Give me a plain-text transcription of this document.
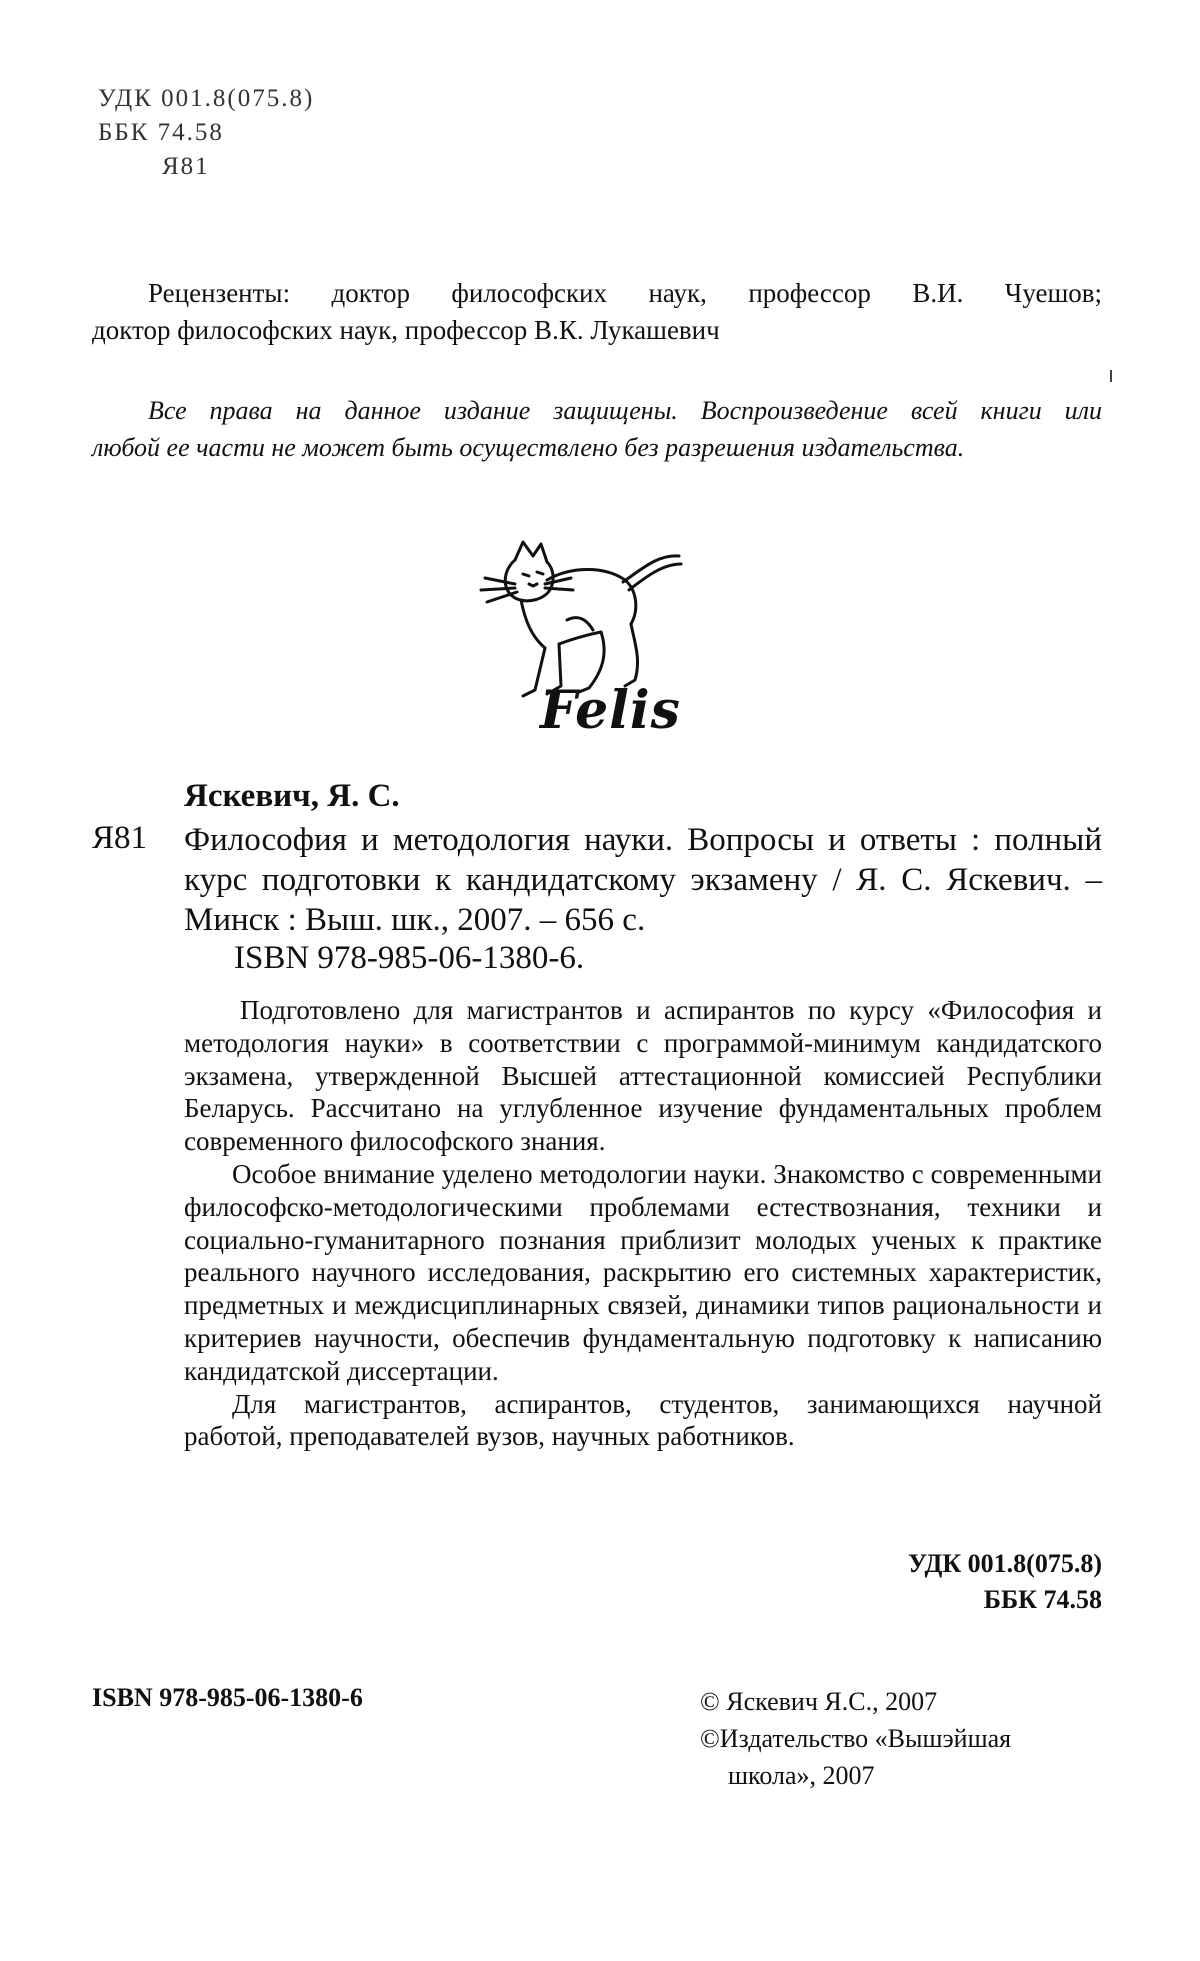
УДК 001.8(075.8)
ББК 74.58
Я81
Рецензенты: доктор философских наук, профессор В.И. Чуешов;
доктор философских наук, профессор В.К. Лукашевич
Все права на данное издание защищены. Воспроизведение всей книги или
любой ее части не может быть осуществлено без разрешения издательства.
Felis
Яскевич, Я. С.
Я81 Философия и методология науки. Вопросы и ответы : полный курс подготовки к кандидатскому экзамену / Я. С. Яскевич. – Минск : Выш. шк., 2007. – 656 с.
ISBN 978-985-06-1380-6.

Подготовлено для магистрантов и аспирантов по курсу «Философия и методология науки» в соответствии с программой-минимум кандидатского экзамена, утвержденной Высшей аттестационной комиссией Республики Беларусь. Рассчитано на углубленное изучение фундаментальных проблем современного философского знания.

Особое внимание уделено методологии науки. Знакомство с современными философско-методологическими проблемами естествознания, техники и социально-гуманитарного познания приблизит молодых ученых к практике реального научного исследования, раскрытию его системных характеристик, предметных и междисциплинарных связей, динамики типов рациональности и критериев научности, обеспечив фундаментальную подготовку к написанию кандидатской диссертации.

Для магистрантов, аспирантов, студентов, занимающихся научной работой, преподавателей вузов, научных работников.

УДК 001.8(075.8)
ББК 74.58
ISBN 978-985-06-1380-6	© Яскевич Я.С., 2007
©Издательство «Вышэйшая
школа», 2007
